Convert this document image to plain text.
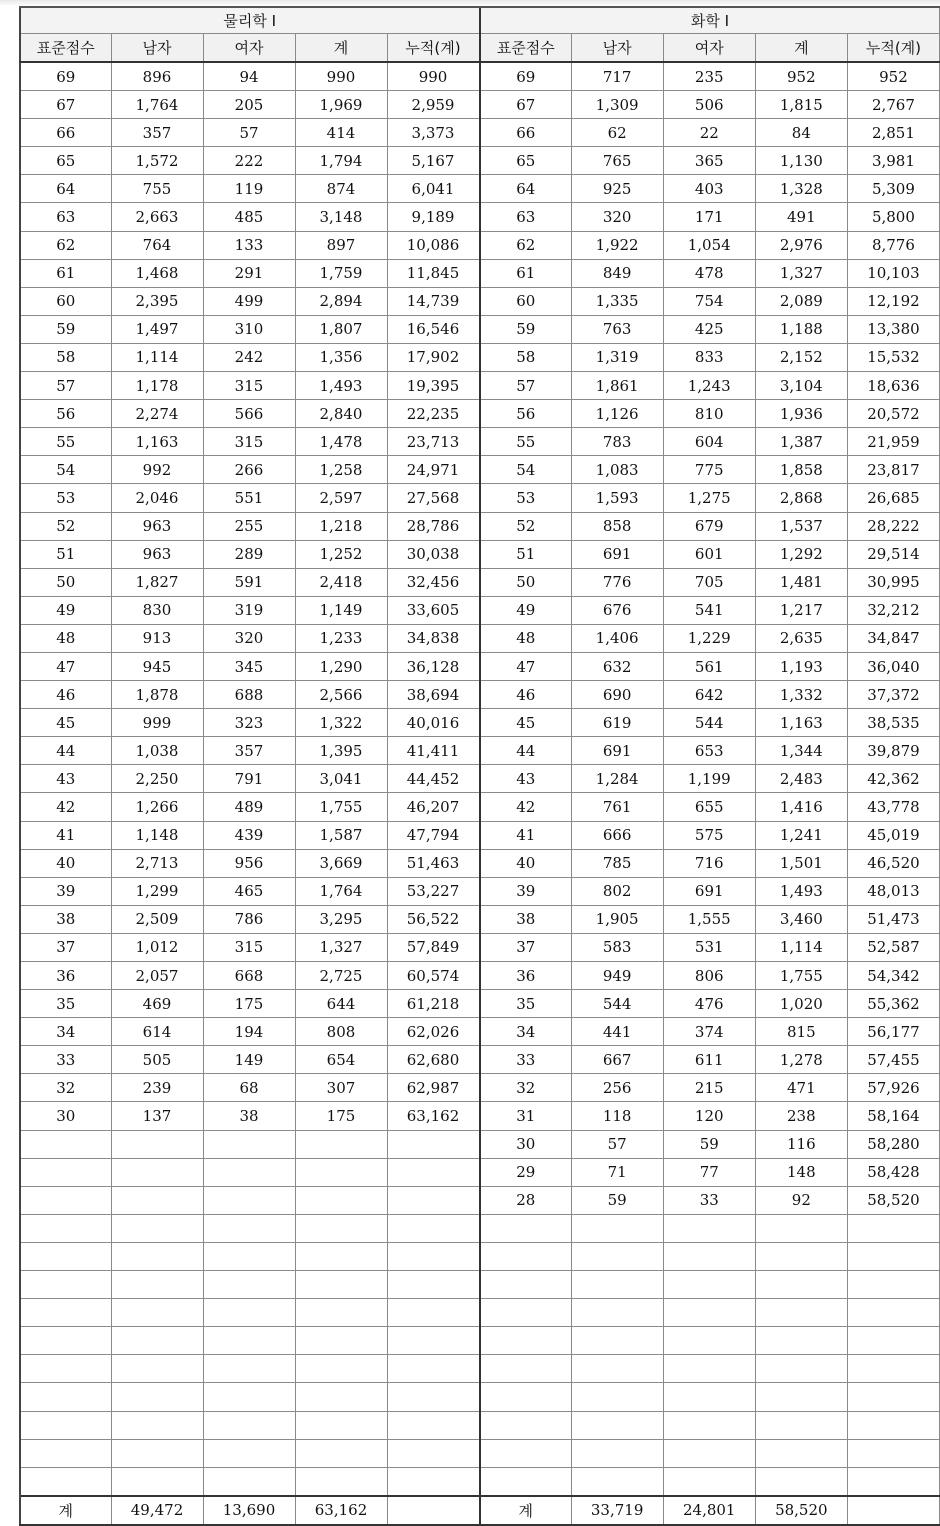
물리학 I				
표준점수	남자	여자	계	누적(계)
69	896	94	990	990
67	1,764	205	1,969	2,959
66	357	57	414	3,373
65	1,572	222	1,794	5,167
64	755	119	874	6,041
63	2,663	485	3,148	9,189
62	764	133	897	10,086
61	1,468	291	1,759	11,845
60	2,395	499	2,894	14,739
59	1,497	310	1,807	16,546
58	1,114	242	1,356	17,902
57	1,178	315	1,493	19,395
56	2,274	566	2,840	22,235
55	1,163	315	1,478	23,713
54	992	266	1,258	24,971
53	2,046	551	2,597	27,568
52	963	255	1,218	28,786
51	963	289	1,252	30,038
50	1,827	591	2,418	32,456
49	830	319	1,149	33,605
48	913	320	1,233	34,838
47	945	345	1,290	36,128
46	1,878	688	2,566	38,694
45	999	323	1,322	40,016
44	1,038	357	1,395	41,411
43	2,250	791	3,041	44,452
42	1,266	489	1,755	46,207
41	1,148	439	1,587	47,794
40	2,713	956	3,669	51,463
39	1,299	465	1,764	53,227
38	2,509	786	3,295	56,522
37	1,012	315	1,327	57,849
36	2,057	668	2,725	60,574
35	469	175	644	61,218
34	614	194	808	62,026
33	505	149	654	62,680
32	239	68	307	62,987
30	137	38	175	63,162

계	49,472	13,690	63,162	
화학 I				
표준점수	남자	여자	계	누적(계)
69	717	235	952	952
67	1,309	506	1,815	2,767
66	62	22	84	2,851
65	765	365	1,130	3,981
64	925	403	1,328	5,309
63	320	171	491	5,800
62	1,922	1,054	2,976	8,776
61	849	478	1,327	10,103
60	1,335	754	2,089	12,192
59	763	425	1,188	13,380
58	1,319	833	2,152	15,532
57	1,861	1,243	3,104	18,636
56	1,126	810	1,936	20,572
55	783	604	1,387	21,959
54	1,083	775	1,858	23,817
53	1,593	1,275	2,868	26,685
52	858	679	1,537	28,222
51	691	601	1,292	29,514
50	776	705	1,481	30,995
49	676	541	1,217	32,212
48	1,406	1,229	2,635	34,847
47	632	561	1,193	36,040
46	690	642	1,332	37,372
45	619	544	1,163	38,535
44	691	653	1,344	39,879
43	1,284	1,199	2,483	42,362
42	761	655	1,416	43,778
41	666	575	1,241	45,019
40	785	716	1,501	46,520
39	802	691	1,493	48,013
38	1,905	1,555	3,460	51,473
37	583	531	1,114	52,587
36	949	806	1,755	54,342
35	544	476	1,020	55,362
34	441	374	815	56,177
33	667	611	1,278	57,455
32	256	215	471	57,926
31	118	120	238	58,164
30	57	59	116	58,280
29	71	77	148	58,428
28	59	33	92	58,520

계	33,719	24,801	58,520	
